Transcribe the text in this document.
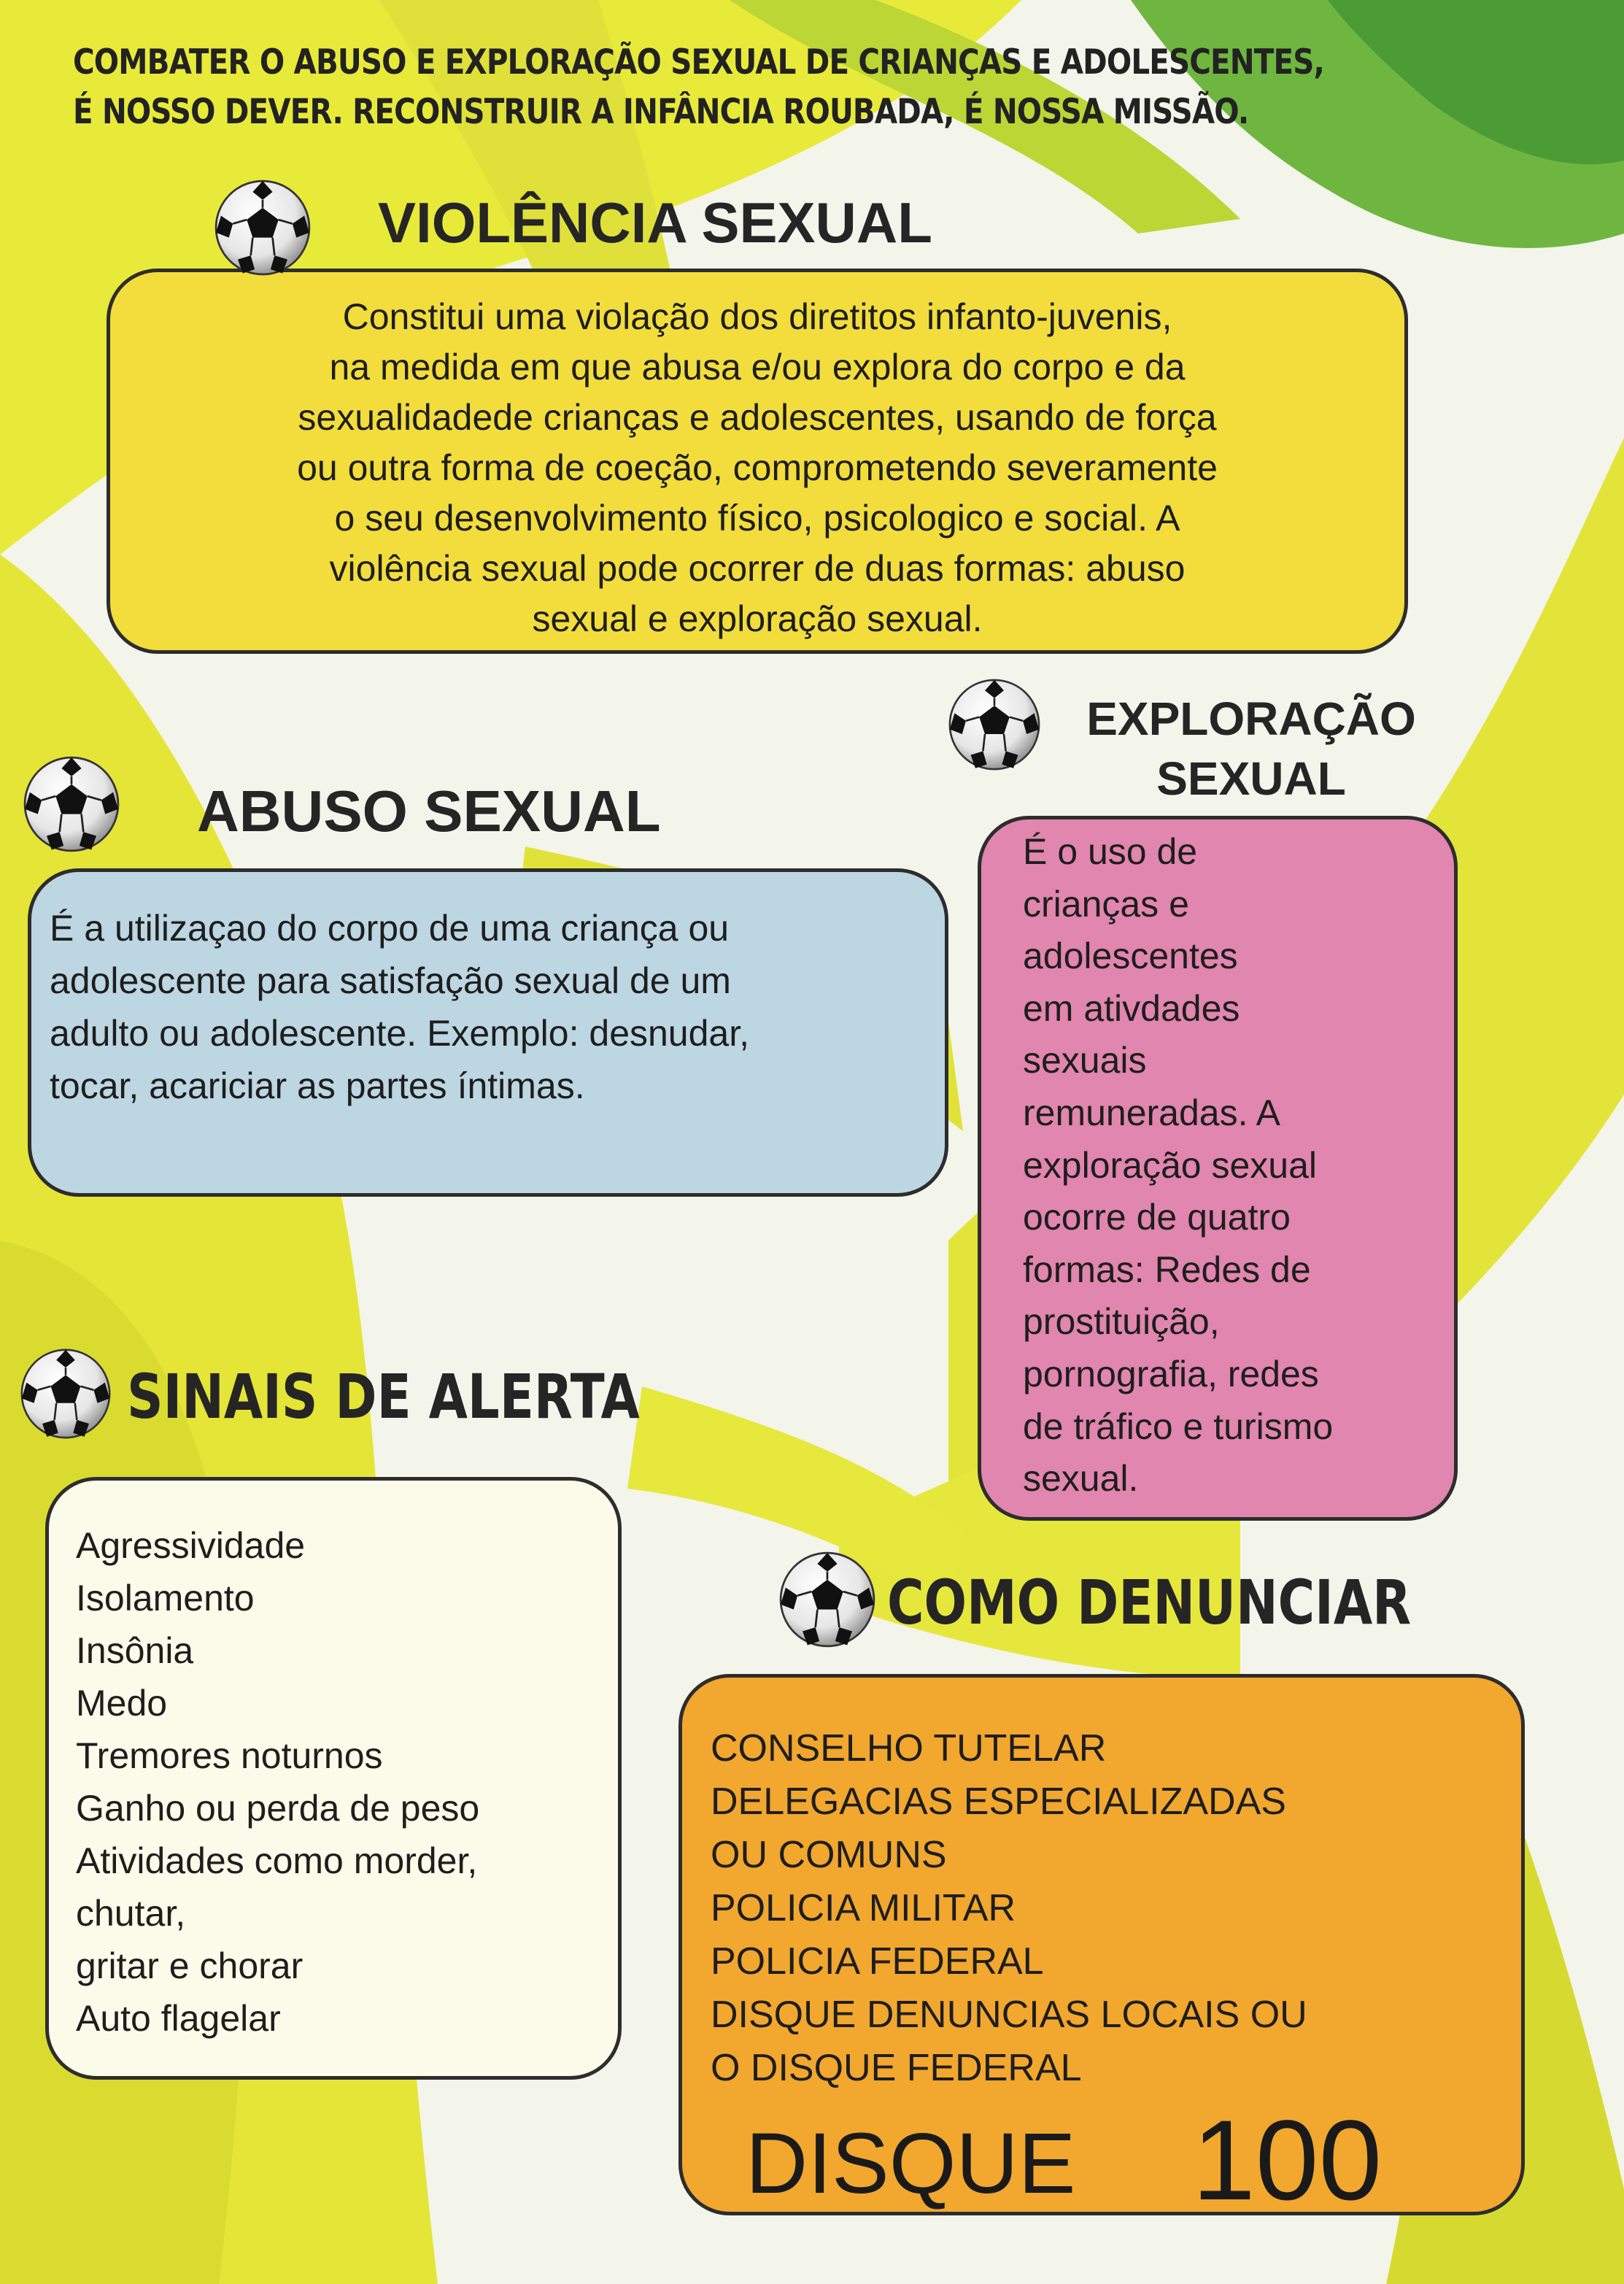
COMBATER O ABUSO E EXPLORAÇÃO SEXUAL DE CRIANÇAS E ADOLESCENTES,
É NOSSO DEVER. RECONSTRUIR A INFÂNCIA ROUBADA, É NOSSA MISSÃO.
VIOLÊNCIA SEXUAL
Constitui uma violação dos diretitos infanto-juvenis,
na medida em que abusa e/ou explora do corpo e da
sexualidadede crianças e adolescentes, usando de força
ou outra forma de coeção, comprometendo severamente
o seu desenvolvimento físico, psicologico e social. A
violência sexual pode ocorrer de duas formas: abuso
sexual e exploração sexual.
EXPLORAÇÃO
SEXUAL
É o uso de
crianças e
adolescentes
em ativdades
sexuais
remuneradas. A
exploração sexual
ocorre de quatro
formas: Redes de
prostituição,
pornografia, redes
de tráfico e turismo
sexual.
ABUSO SEXUAL
É a utilizaçao do corpo de uma criança ou
adolescente para satisfação sexual de um
adulto ou adolescente. Exemplo: desnudar,
tocar, acariciar as partes íntimas.
SINAIS DE ALERTA
Agressividade
Isolamento
Insônia
Medo
Tremores noturnos
Ganho ou perda de peso
Atividades como morder,
chutar,
gritar e chorar
Auto flagelar
COMO DENUNCIAR
CONSELHO TUTELAR
DELEGACIAS ESPECIALIZADAS
OU COMUNS
POLICIA MILITAR
POLICIA FEDERAL
DISQUE DENUNCIAS LOCAIS OU
O DISQUE FEDERAL
DISQUE 100
